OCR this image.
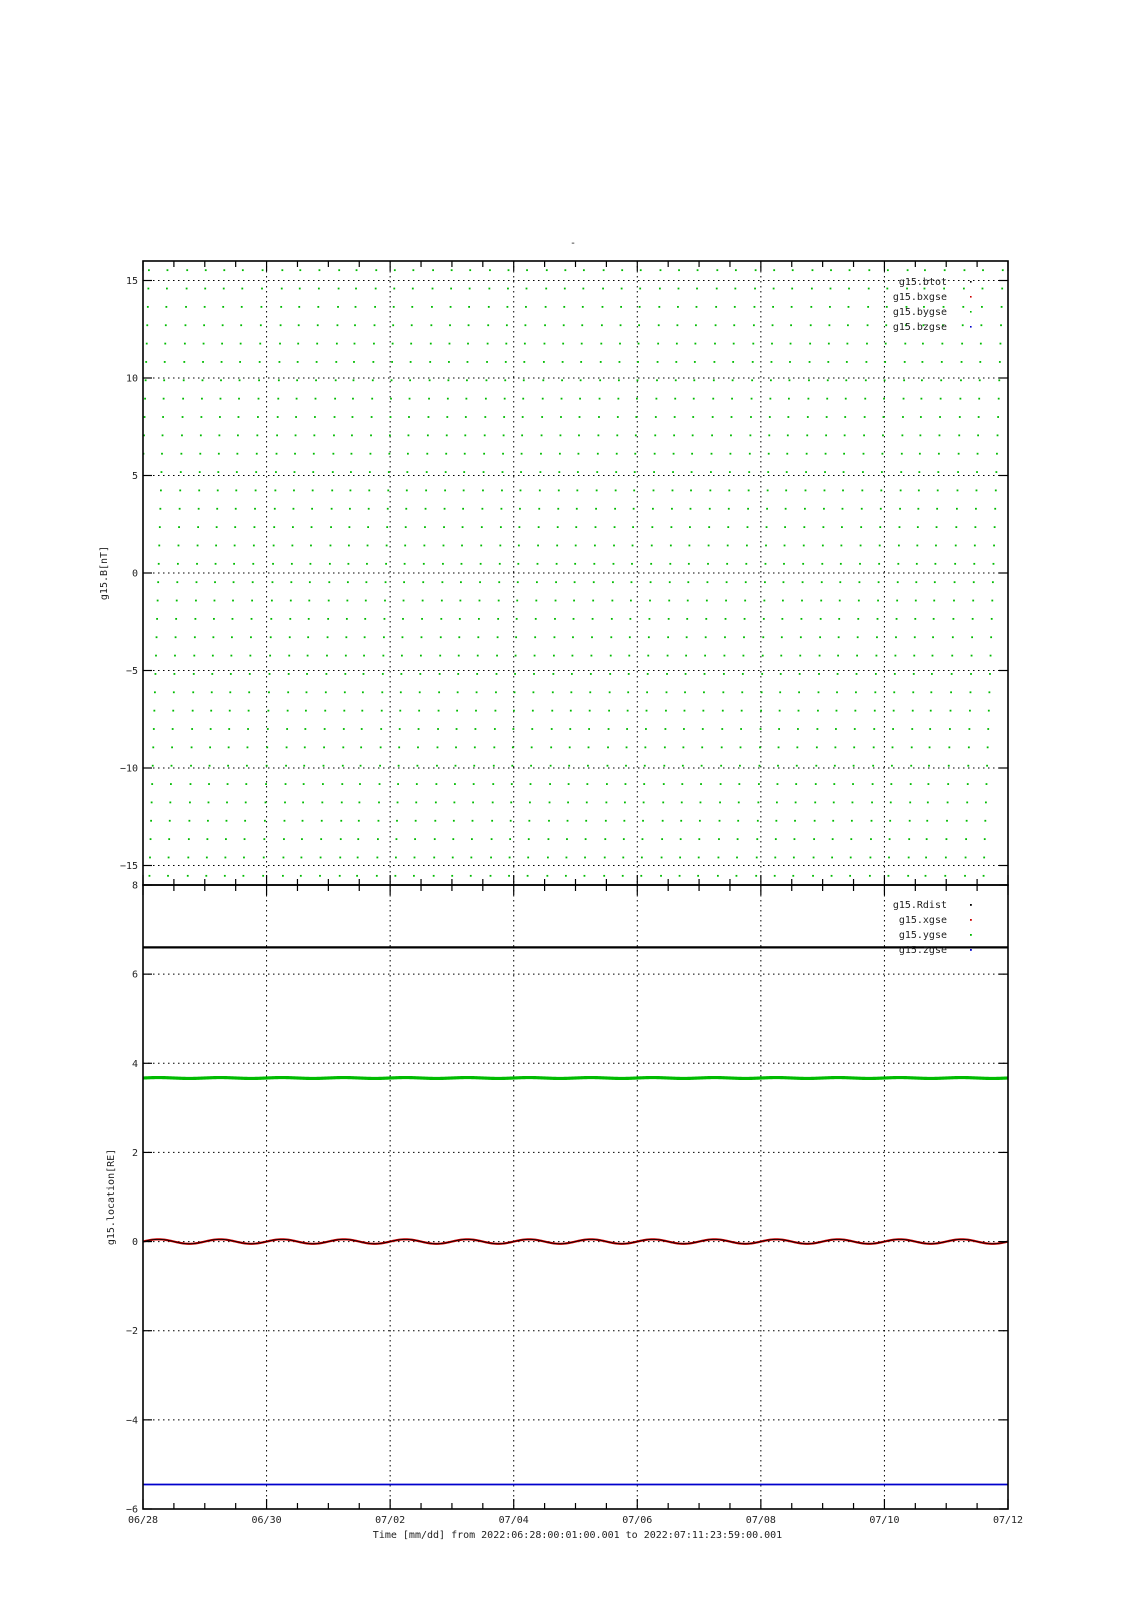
-
15
10
5
0
−5
−10
−15
g15.B[nT]
g15.btot
g15.bxgse
g15.bygse
g15.bzgse
8
6
4
2
0
−2
−4
−6
06/28	06/30	07/02	07/04	07/06	07/08	07/10	07/12
g15.location[RE]
Time [mm/dd] from 2022:06:28:00:01:00.001 to 2022:07:11:23:59:00.001
g15.Rdist
g15.xgse
g15.ygse
g15.zgse
